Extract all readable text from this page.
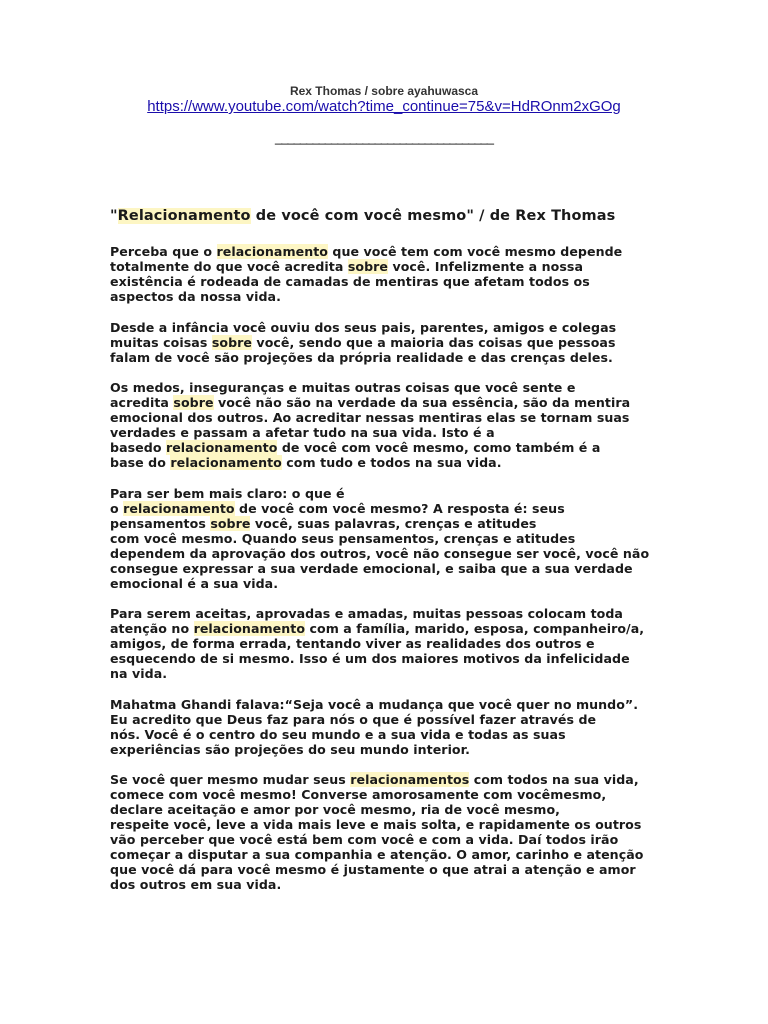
Rex Thomas / sobre ayahuwasca
https://www.youtube.com/watch?time_continue=75&v=HdROnm2xGOg
___________________________________
"Relacionamento de você com você mesmo" / de Rex Thomas
Perceba que o relacionamento que você tem com você mesmo depende
totalmente do que você acredita sobre você. Infelizmente a nossa
existência é rodeada de camadas de mentiras que afetam todos os
aspectos da nossa vida.
Desde a infância você ouviu dos seus pais, parentes, amigos e colegas
muitas coisas sobre você, sendo que a maioria das coisas que pessoas
falam de você são projeções da própria realidade e das crenças deles.
Os medos, inseguranças e muitas outras coisas que você sente e
acredita sobre você não são na verdade da sua essência, são da mentira
emocional dos outros. Ao acreditar nessas mentiras elas se tornam suas
verdades e passam a afetar tudo na sua vida. Isto é a
basedo relacionamento de você com você mesmo, como também é a
base do relacionamento com tudo e todos na sua vida.
Para ser bem mais claro: o que é
o relacionamento de você com você mesmo? A resposta é: seus
pensamentos sobre você, suas palavras, crenças e atitudes
com você mesmo. Quando seus pensamentos, crenças e atitudes
dependem da aprovação dos outros, você não consegue ser você, você não
consegue expressar a sua verdade emocional, e saiba que a sua verdade
emocional é a sua vida.
Para serem aceitas, aprovadas e amadas, muitas pessoas colocam toda
atenção no relacionamento com a família, marido, esposa, companheiro/a,
amigos, de forma errada, tentando viver as realidades dos outros e
esquecendo de si mesmo. Isso é um dos maiores motivos da infelicidade
na vida.
Mahatma Ghandi falava:“Seja você a mudança que você quer no mundo”.
Eu acredito que Deus faz para nós o que é possível fazer através de
nós. Você é o centro do seu mundo e a sua vida e todas as suas
experiências são projeções do seu mundo interior.
Se você quer mesmo mudar seus relacionamentos com todos na sua vida,
comece com você mesmo! Converse amorosamente com vocêmesmo,
declare aceitação e amor por você mesmo, ria de você mesmo,
respeite você, leve a vida mais leve e mais solta, e rapidamente os outros
vão perceber que você está bem com você e com a vida. Daí todos irão
começar a disputar a sua companhia e atenção. O amor, carinho e atenção
que você dá para você mesmo é justamente o que atrai a atenção e amor
dos outros em sua vida.
